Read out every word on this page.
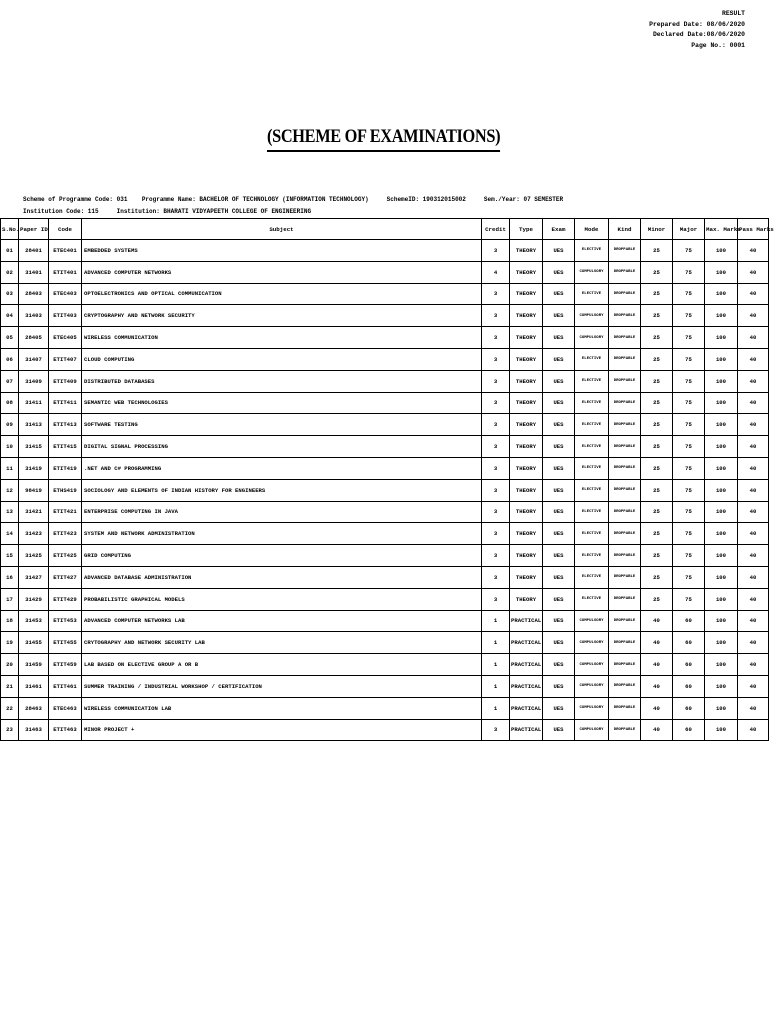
RESULT
Prepared Date: 08/06/2020
Declared Date:08/06/2020
Page No.: 0001
(SCHEME OF EXAMINATIONS)
Scheme of Programme Code: 031    Programme Name: BACHELOR OF TECHNOLOGY (INFORMATION TECHNOLOGY)     SchemeID: 190312015002     Sem./Year: 07 SEMESTER
Institution Code: 115     Institution: BHARATI VIDYAPEETH COLLEGE OF ENGINEERING
S.No.	Paper ID	Code	Subject	Credit	Type	Exam	Mode	Kind	Minor	Major	Max. Marks	Pass Marks
01	28401	ETEC401	EMBEDDED SYSTEMS	3	THEORY	UES	ELECTIVE	DROPPABLE	25	75	100	40
02	31401	ETIT401	ADVANCED COMPUTER NETWORKS	4	THEORY	UES	COMPULSORY	DROPPABLE	25	75	100	40
03	28403	ETEC403	OPTOELECTRONICS AND OPTICAL COMMUNICATION	3	THEORY	UES	ELECTIVE	DROPPABLE	25	75	100	40
04	31403	ETIT403	CRYPTOGRAPHY AND NETWORK SECURITY	3	THEORY	UES	COMPULSORY	DROPPABLE	25	75	100	40
05	28405	ETEC405	WIRELESS COMMUNICATION	3	THEORY	UES	COMPULSORY	DROPPABLE	25	75	100	40
06	31407	ETIT407	CLOUD COMPUTING	3	THEORY	UES	ELECTIVE	DROPPABLE	25	75	100	40
07	31409	ETIT409	DISTRIBUTED DATABASES	3	THEORY	UES	ELECTIVE	DROPPABLE	25	75	100	40
08	31411	ETIT411	SEMANTIC WEB TECHNOLOGIES	3	THEORY	UES	ELECTIVE	DROPPABLE	25	75	100	40
09	31413	ETIT413	SOFTWARE TESTING	3	THEORY	UES	ELECTIVE	DROPPABLE	25	75	100	40
10	31415	ETIT415	DIGITAL SIGNAL PROCESSING	3	THEORY	UES	ELECTIVE	DROPPABLE	25	75	100	40
11	31419	ETIT419	.NET AND C# PROGRAMMING	3	THEORY	UES	ELECTIVE	DROPPABLE	25	75	100	40
12	98419	ETHS419	SOCIOLOGY AND ELEMENTS OF INDIAN HISTORY FOR ENGINEERS	3	THEORY	UES	ELECTIVE	DROPPABLE	25	75	100	40
13	31421	ETIT421	ENTERPRISE COMPUTING IN JAVA	3	THEORY	UES	ELECTIVE	DROPPABLE	25	75	100	40
14	31423	ETIT423	SYSTEM AND NETWORK ADMINISTRATION	3	THEORY	UES	ELECTIVE	DROPPABLE	25	75	100	40
15	31425	ETIT425	GRID COMPUTING	3	THEORY	UES	ELECTIVE	DROPPABLE	25	75	100	40
16	31427	ETIT427	ADVANCED DATABASE ADMINISTRATION	3	THEORY	UES	ELECTIVE	DROPPABLE	25	75	100	40
17	31429	ETIT429	PROBABILISTIC GRAPHICAL MODELS	3	THEORY	UES	ELECTIVE	DROPPABLE	25	75	100	40
18	31453	ETIT453	ADVANCED COMPUTER NETWORKS LAB	1	PRACTICAL	UES	COMPULSORY	DROPPABLE	40	60	100	40
19	31455	ETIT455	CRYTOGRAPHY AND NETWORK SECURITY LAB	1	PRACTICAL	UES	COMPULSORY	DROPPABLE	40	60	100	40
20	31459	ETIT459	LAB BASED ON ELECTIVE GROUP A OR B	1	PRACTICAL	UES	COMPULSORY	DROPPABLE	40	60	100	40
21	31461	ETIT461	SUMMER TRAINING / INDUSTRIAL WORKSHOP / CERTIFICATION	1	PRACTICAL	UES	COMPULSORY	DROPPABLE	40	60	100	40
22	28463	ETEC463	WIRELESS COMMUNICATION LAB	1	PRACTICAL	UES	COMPULSORY	DROPPABLE	40	60	100	40
23	31463	ETIT463	MINOR PROJECT +	3	PRACTICAL	UES	COMPULSORY	DROPPABLE	40	60	100	40
